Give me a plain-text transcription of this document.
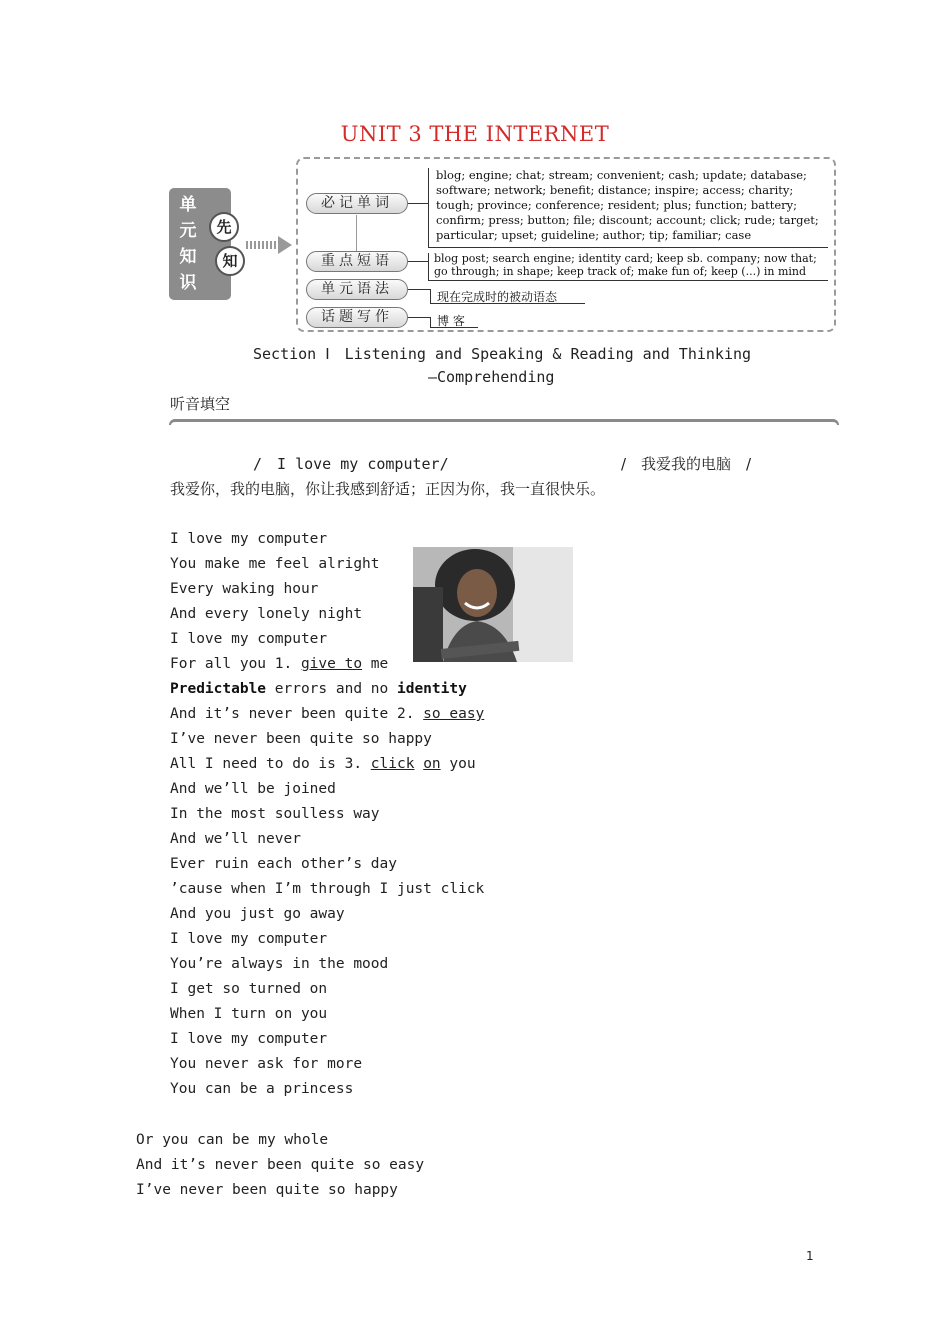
UNIT 3 THE INTERNET
单
元
知
识
先
知
必记单词
重点短语
单元语法
话题写作
blog; engine; chat; stream; convenient; cash; update; database;
software; network; benefit; distance; inspire; access; charity;
tough; province; conference; resident; plus; function; battery;
confirm; press; button; file; discount; account; click; rude; target;
particular; upset; guideline; author; tip; familiar; case
blog post; search engine; identity card; keep sb. company; now that;
go through; in shape; keep track of; make fun of; keep (...) in mind
现在完成时的被动语态
博 客
Section Ⅰ　Listening and Speaking & Reading and Thinking
—Comprehending
听音填空
/　I love my computer/	/　我爱我的电脑　/
我爱你，我的电脑，你让我感到舒适；正因为你，我一直很快乐。
I love my computer
You make me feel alright
Every waking hour
And every lonely night
I love my computer
For all you 1. give to me
Predictable errors and no identity
And it’s never been quite 2. so easy
I’ve never been quite so happy
All I need to do is 3. click on you
And we’ll be joined
In the most soulless way
And we’ll never
Ever ruin each other’s day
’cause when I’m through I just click
And you just go away
I love my computer
You’re always in the mood
I get so turned on
When I turn on you
I love my computer
You never ask for more
You can be a princess
Or you can be my whole
And it’s never been quite so easy
I’ve never been quite so happy
1
